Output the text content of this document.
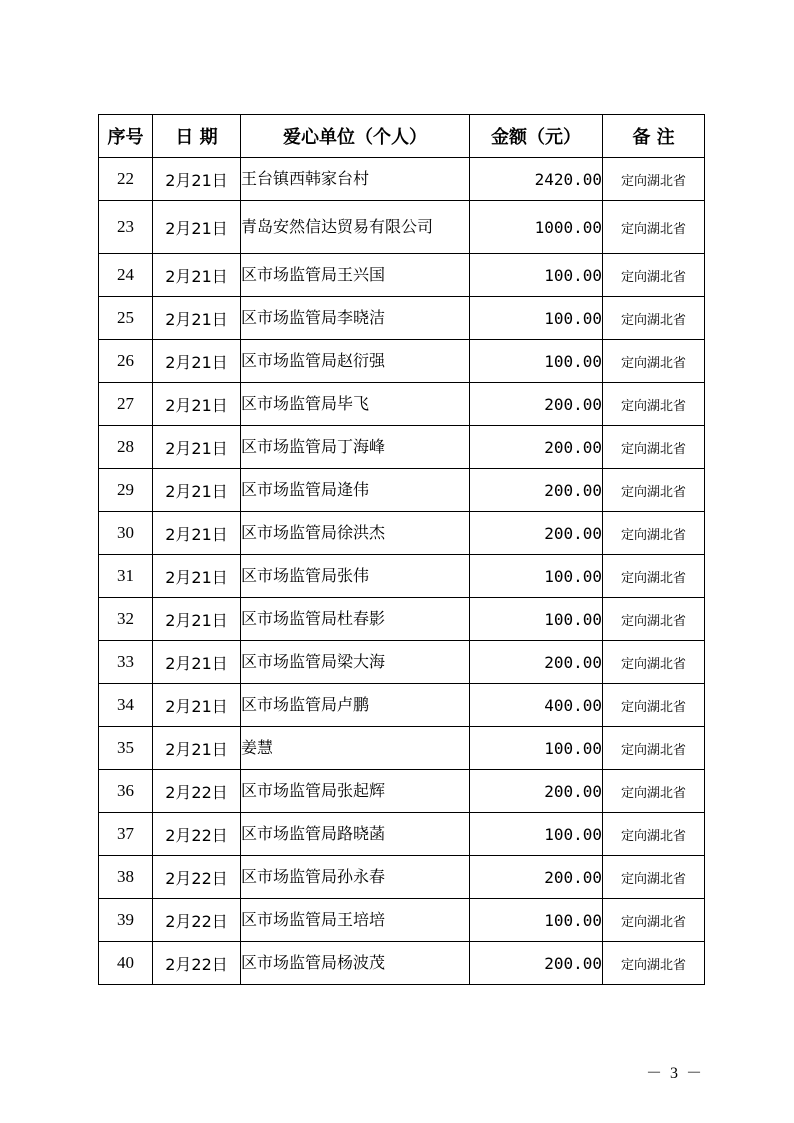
序号	日 期	爱心单位（个人）	金额（元）	备 注
22	2月21日	王台镇西韩家台村	2420.00	定向湖北省
23	2月21日	青岛安然信达贸易有限公司	1000.00	定向湖北省
24	2月21日	区市场监管局王兴国	100.00	定向湖北省
25	2月21日	区市场监管局李晓洁	100.00	定向湖北省
26	2月21日	区市场监管局赵衍强	100.00	定向湖北省
27	2月21日	区市场监管局毕飞	200.00	定向湖北省
28	2月21日	区市场监管局丁海峰	200.00	定向湖北省
29	2月21日	区市场监管局逄伟	200.00	定向湖北省
30	2月21日	区市场监管局徐洪杰	200.00	定向湖北省
31	2月21日	区市场监管局张伟	100.00	定向湖北省
32	2月21日	区市场监管局杜春影	100.00	定向湖北省
33	2月21日	区市场监管局梁大海	200.00	定向湖北省
34	2月21日	区市场监管局卢鹏	400.00	定向湖北省
35	2月21日	姜慧	100.00	定向湖北省
36	2月22日	区市场监管局张起辉	200.00	定向湖北省
37	2月22日	区市场监管局路晓菡	100.00	定向湖北省
38	2月22日	区市场监管局孙永春	200.00	定向湖北省
39	2月22日	区市场监管局王培培	100.00	定向湖北省
40	2月22日	区市场监管局杨波茂	200.00	定向湖北省
－ 3 －
